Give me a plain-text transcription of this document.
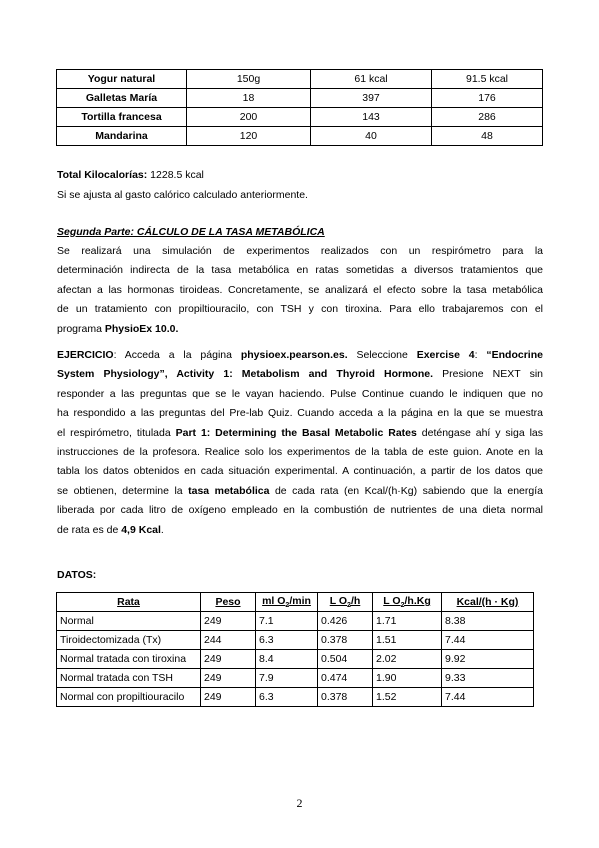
Yogur natural	150g	61 kcal	91.5 kcal
Galletas María	18	397	176
Tortilla francesa	200	143	286
Mandarina	120	40	48
Total Kilocalorías: 1228.5 kcal
Si se ajusta al gasto calórico calculado anteriormente.
Segunda Parte: CÁLCULO DE LA TASA METABÓLICA
Se realizará una simulación de experimentos realizados con un respirómetro para la
determinación indirecta de la tasa metabólica en ratas sometidas a diversos tratamientos que
afectan a las hormonas tiroideas. Concretamente, se analizará el efecto sobre la tasa metabólica
de un tratamiento con propiltiouracilo, con TSH y con tiroxina. Para ello trabajaremos con el
programa PhysioEx 10.0.
EJERCICIO: Acceda a la página physioex.pearson.es. Seleccione Exercise 4: “Endocrine
System Physiology”, Activity 1: Metabolism and Thyroid Hormone. Presione NEXT sin
responder a las preguntas que se le vayan haciendo. Pulse Continue cuando le indiquen que no
ha respondido a las preguntas del Pre-lab Quiz. Cuando acceda a la página en la que se muestra
el respirómetro, titulada Part 1: Determining the Basal Metabolic Rates deténgase ahí y siga las
instrucciones de la profesora. Realice solo los experimentos de la tabla de este guion. Anote en la
tabla los datos obtenidos en cada situación experimental. A continuación, a partir de los datos que
se obtienen, determine la tasa metabólica de cada rata (en Kcal/(h·Kg) sabiendo que la energía
liberada por cada litro de oxígeno empleado en la combustión de nutrientes de una dieta normal
de rata es de 4,9 Kcal.
DATOS:
Rata	Peso	ml $O_2/\min$	L $O_2/h$	L $O_2/h.Kg$	Kcal/(h · Kg)
Normal	249	7.1	0.426	1.71	8.38
Tiroidectomizada (Tx)	244	6.3	0.378	1.51	7.44
Normal tratada con tiroxina	249	8.4	0.504	2.02	9.92
Normal tratada con TSH	249	7.9	0.474	1.90	9.33
Normal con propiltiouracilo	249	6.3	0.378	1.52	7.44
2
